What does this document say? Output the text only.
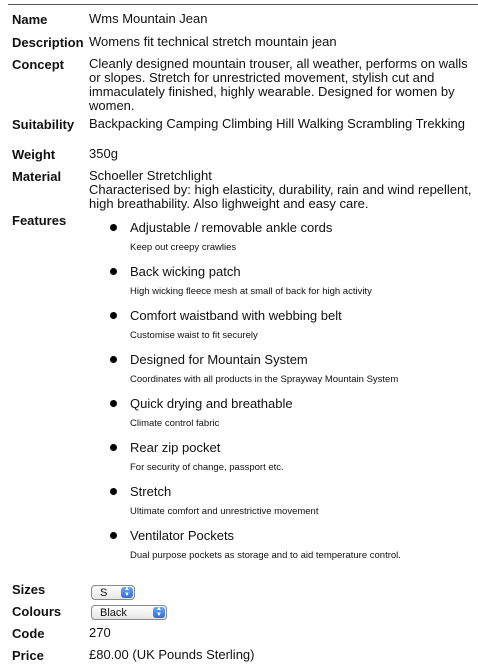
Name	Wms Mountain Jean
Description Womens fit technical stretch mountain jean
Concept Cleanly designed mountain trouser, all weather, performs on walls or slopes. Stretch for unrestricted movement, stylish cut and immaculately finished, highly wearable. Designed for women by women.
Suitability Backpacking Camping Climbing Hill Walking Scrambling Trekking
Weight	350g
Material Schoeller Stretchlight
Characterised by: high elasticity, durability, rain and wind repellent, high breathability. Also lighweight and easy care.
Features	Adjustable / removable ankle cords
Keep out creepy crawlies
Back wicking patch
High wicking fleece mesh at small of back for high activity
Comfort waistband with webbing belt
Customise waist to fit securely
Designed for Mountain System
Coordinates with all products in the Sprayway Mountain System
Quick drying and breathable
Climate control fabric
Rear zip pocket
For security of change, passport etc.
Stretch
Ultimate comfort and unrestrictive movement
Ventilator Pockets
Dual purpose pockets as storage and to aid temperature control.
Sizes	S	▲
▼
Colours	Black	▲
▼
Code	270
Price	£80.00 (UK Pounds Sterling)
